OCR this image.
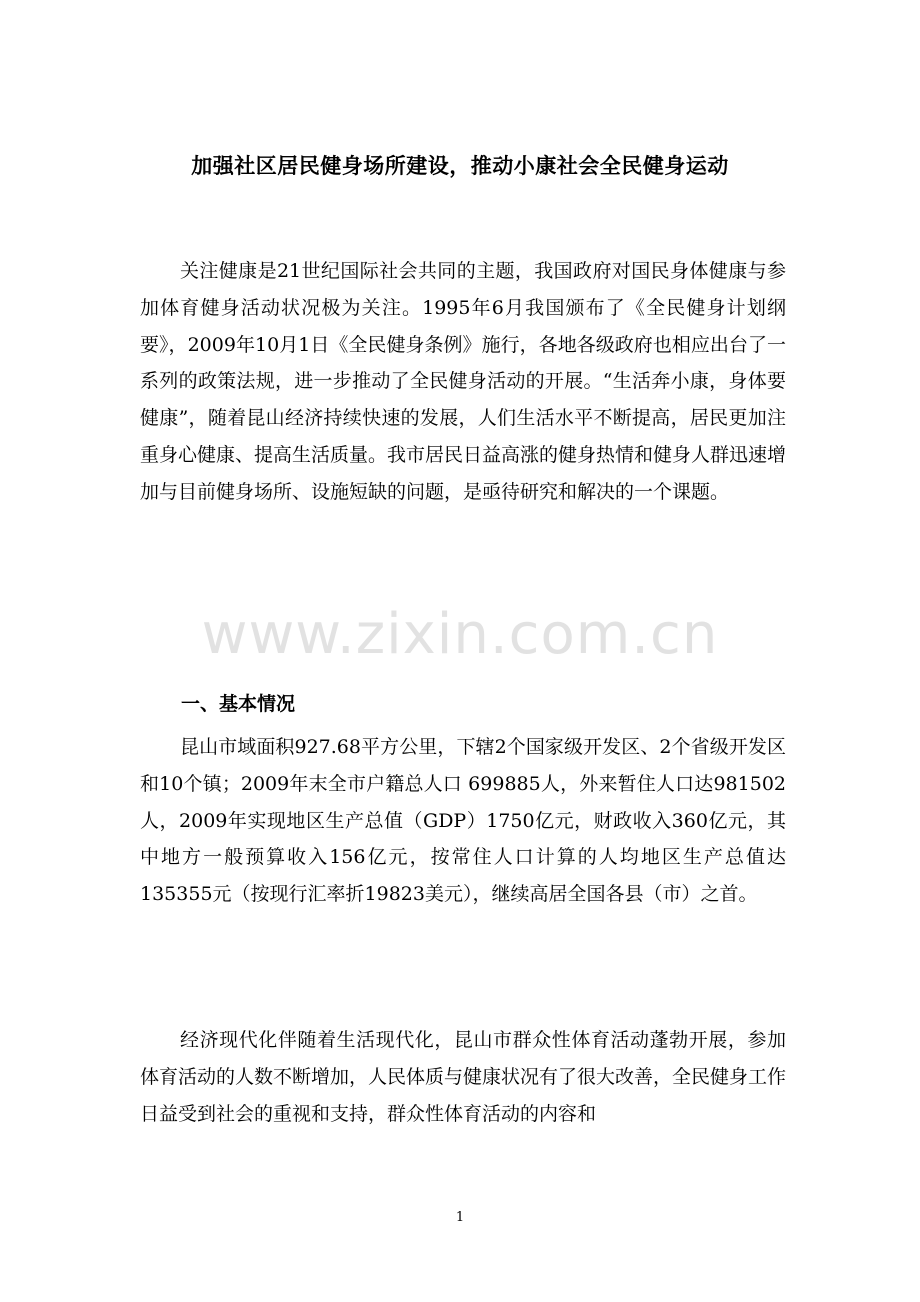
加强社区居民健身场所建设，推动小康社会全民健身运动

关注健康是21世纪国际社会共同的主题，我国政府对国民身体健康与参加体育健身活动状况极为关注。1995年6月我国颁布了《全民健身计划纲要》，2009年10月1日《全民健身条例》施行，各地各级政府也相应出台了一系列的政策法规，进一步推动了全民健身活动的开展。“生活奔小康，身体要健康”，随着昆山经济持续快速的发展，人们生活水平不断提高，居民更加注重身心健康、提高生活质量。我市居民日益高涨的健身热情和健身人群迅速增加与目前健身场所、设施短缺的问题，是亟待研究和解决的一个课题。

www.zixin.com.cn
一、基本情况

昆山市域面积927.68平方公里，下辖2个国家级开发区、2个省级开发区和10个镇；2009年末全市户籍总人口 699885人，外来暂住人口达981502人，2009年实现地区生产总值（GDP）1750亿元，财政收入360亿元，其中地方一般预算收入156亿元，按常住人口计算的人均地区生产总值达135355元（按现行汇率折19823美元），继续高居全国各县（市）之首。

经济现代化伴随着生活现代化，昆山市群众性体育活动蓬勃开展，参加体育活动的人数不断增加，人民体质与健康状况有了很大改善，全民健身工作日益受到社会的重视和支持，群众性体育活动的内容和

1
